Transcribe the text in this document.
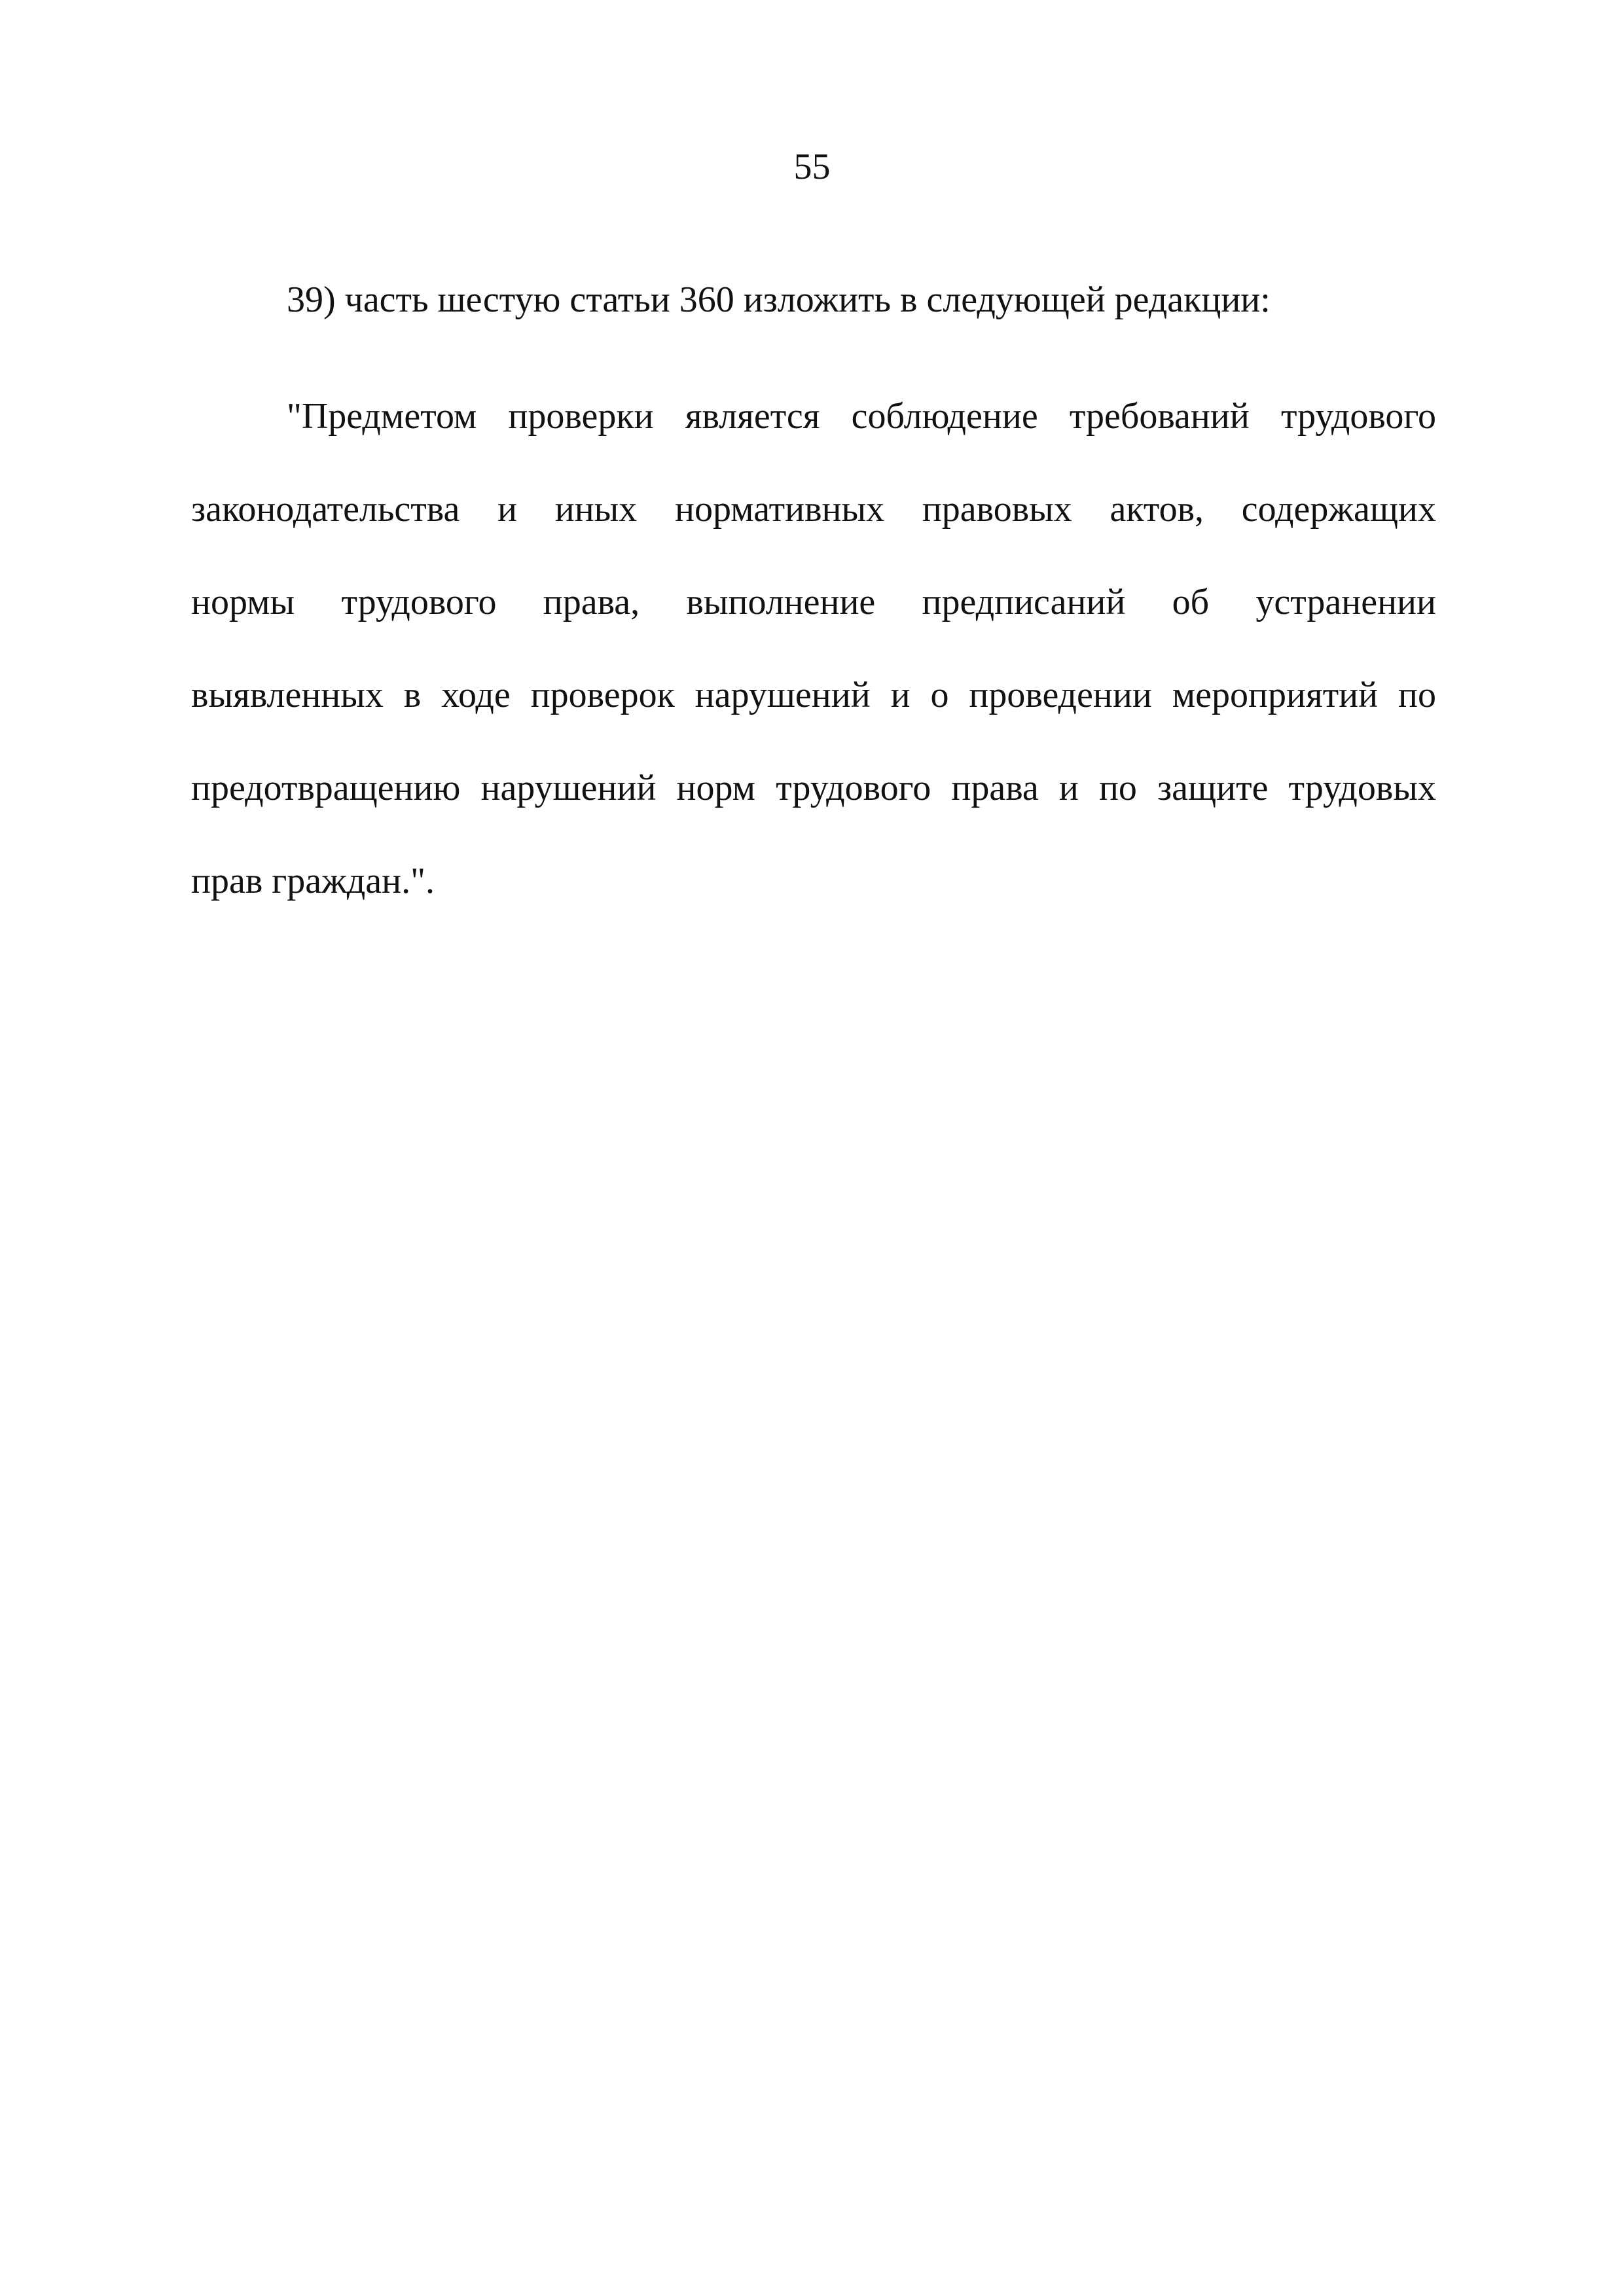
55
39) часть шестую статьи 360 изложить в следующей редакции:
"Предметом проверки является соблюдение требований трудового
законодательства и иных нормативных правовых актов, содержащих
нормы трудового права, выполнение предписаний об устранении
выявленных в ходе проверок нарушений и о проведении мероприятий по
предотвращению нарушений норм трудового права и по защите трудовых
прав граждан.".
